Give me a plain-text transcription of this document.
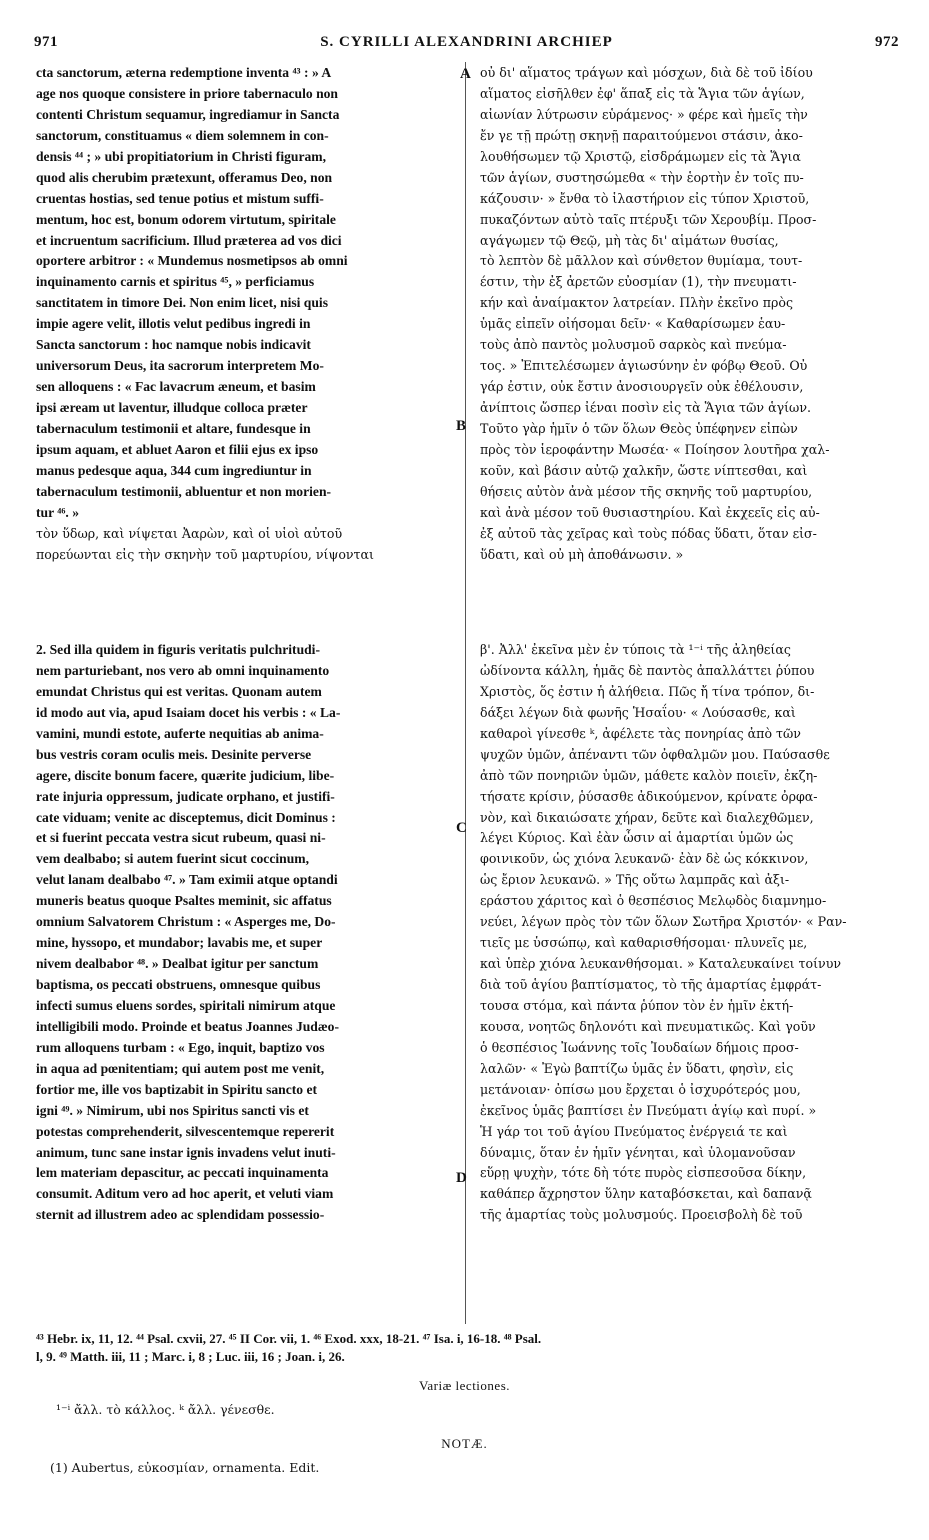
971	S. CYRILLI ALEXANDRINI ARCHIEP	972
A
B
C
D
cta sanctorum, æterna redemptione inventa ⁴³ : » A
age nos quoque consistere in priore tabernaculo non
contenti Christum sequamur, ingrediamur in Sancta
sanctorum, constituamus « diem solemnem in con-
densis ⁴⁴ ; » ubi propitiatorium in Christi figuram,
quod alis cherubim prætexunt, offeramus Deo, non
cruentas hostias, sed tenue potius et mistum suffi-
mentum, hoc est, bonum odorem virtutum, spiritale
et incruentum sacrificium. Illud præterea ad vos dici
oportere arbitror : « Mundemus nosmetipsos ab omni
inquinamento carnis et spiritus ⁴⁵, » perficiamus
sanctitatem in timore Dei. Non enim licet, nisi quis
impie agere velit, illotis velut pedibus ingredi in
Sancta sanctorum : hoc namque nobis indicavit
universorum Deus, ita sacrorum interpretem Mo-
sen alloquens : « Fac lavacrum æneum, et basim
ipsi æream ut laventur, illudque colloca præter
tabernaculum testimonii et altare, fundesque in
ipsum aquam, et abluet Aaron et filii ejus ex ipso
manus pedesque aqua, 344 cum ingrediuntur in
tabernaculum testimonii, abluentur et non morien-
tur ⁴⁶. »
οὐ δι' αἵματος τράγων καὶ μόσχων, διὰ δὲ τοῦ ἰδίου
αἵματος εἰσῆλθεν ἐφ' ἅπαξ εἰς τὰ Ἅγια τῶν ἁγίων,
αἰωνίαν λύτρωσιν εὑράμενος· » φέρε καὶ ἡμεῖς τὴν
ἔν γε τῇ πρώτῃ σκηνῇ παραιτούμενοι στάσιν, ἀκο-
λουθήσωμεν τῷ Χριστῷ, εἰσδράμωμεν εἰς τὰ Ἅγια
τῶν ἁγίων, συστησώμεθα « τὴν ἑορτὴν ἐν τοῖς πυ-
κάζουσιν· » ἔνθα τὸ ἱλαστήριον εἰς τύπον Χριστοῦ,
πυκαζόντων αὐτὸ ταῖς πτέρυξι τῶν Χερουβίμ. Προσ-
αγάγωμεν τῷ Θεῷ, μὴ τὰς δι' αἱμάτων θυσίας,
τὸ λεπτὸν δὲ μᾶλλον καὶ σύνθετον θυμίαμα, τουτ-
έστιν, τὴν ἐξ ἀρετῶν εὐοσμίαν (1), τὴν πνευματι-
κήν καὶ ἀναίμακτον λατρείαν. Πλὴν ἐκεῖνο πρὸς
ὑμᾶς εἰπεῖν οἰήσομαι δεῖν· « Καθαρίσωμεν ἑαυ-
τοὺς ἀπὸ παντὸς μολυσμοῦ σαρκὸς καὶ πνεύμα-
τος. » Ἐπιτελέσωμεν ἁγιωσύνην ἐν φόβῳ Θεοῦ. Οὐ
γάρ ἐστιν, οὐκ ἔστιν ἀνοσιουργεῖν οὐκ ἐθέλουσιν,
ἀνίπτοις ὥσπερ ἰέναι ποσὶν εἰς τὰ Ἅγια τῶν ἁγίων.
Τοῦτο γὰρ ἡμῖν ὁ τῶν ὅλων Θεὸς ὑπέφηνεν εἰπὼν
πρὸς τὸν ἱεροφάντην Μωσέα· « Ποίησον λουτῆρα χαλ-
κοῦν, καὶ βάσιν αὐτῷ χαλκῆν, ὥστε νίπτεσθαι, καὶ
θήσεις αὐτὸν ἀνὰ μέσον τῆς σκηνῆς τοῦ μαρτυρίου,
καὶ ἀνὰ μέσον τοῦ θυσιαστηρίου. Καὶ ἐκχεεῖς εἰς αὐ-
τὸν ὕδωρ, καὶ νίψεται Ἀαρὼν, καὶ οἱ υἱοὶ αὐτοῦ	ἐξ αὐτοῦ τὰς χεῖρας καὶ τοὺς πόδας ὕδατι, ὅταν εἰσ-
πορεύωνται εἰς τὴν σκηνὴν τοῦ μαρτυρίου, νίψονται	ὕδατι, καὶ οὐ μὴ ἀποθάνωσιν. »
2. Sed illa quidem in figuris veritatis pulchritudi-
nem parturiebant, nos vero ab omni inquinamento
emundat Christus qui est veritas. Quonam autem
id modo aut via, apud Isaiam docet his verbis : « La-
vamini, mundi estote, auferte nequitias ab anima-
bus vestris coram oculis meis. Desinite perverse
agere, discite bonum facere, quærite judicium, libe-
rate injuria oppressum, judicate orphano, et justifi-
cate viduam; venite ac disceptemus, dicit Dominus :
et si fuerint peccata vestra sicut rubeum, quasi ni-
vem dealbabo; si autem fuerint sicut coccinum,
velut lanam dealbabo ⁴⁷. » Tam eximii atque optandi
muneris beatus quoque Psaltes meminit, sic affatus
omnium Salvatorem Christum : « Asperges me, Do-
mine, hyssopo, et mundabor; lavabis me, et super
nivem dealbabor ⁴⁸. » Dealbat igitur per sanctum
baptisma, os peccati obstruens, omnesque quibus
infecti sumus eluens sordes, spiritali nimirum atque
intelligibili modo. Proinde et beatus Joannes Judæo-
rum alloquens turbam : « Ego, inquit, baptizo vos
in aqua ad pœnitentiam; qui autem post me venit,
fortior me, ille vos baptizabit in Spiritu sancto et
igni ⁴⁹. » Nimirum, ubi nos Spiritus sancti vis et
potestas comprehenderit, silvescentemque repererit
animum, tunc sane instar ignis invadens velut inuti-
lem materiam depascitur, ac peccati inquinamenta
consumit. Aditum vero ad hoc aperit, et veluti viam
sternit ad illustrem adeo ac splendidam possessio-
β'. Ἀλλ' ἐκεῖνα μὲν ἐν τύποις τὰ ¹⁻ⁱ τῆς ἀληθείας
ὠδίνοντα κάλλη, ἡμᾶς δὲ παντὸς ἀπαλλάττει ῥύπου
Χριστὸς, ὅς ἐστιν ἡ ἀλήθεια. Πῶς ἤ τίνα τρόπον, δι-
δάξει λέγων διὰ φωνῆς Ἡσαΐου· « Λούσασθε, καὶ
καθαροὶ γίνεσθε ᵏ, ἀφέλετε τὰς πονηρίας ἀπὸ τῶν
ψυχῶν ὑμῶν, ἀπέναντι τῶν ὀφθαλμῶν μου. Παύσασθε
ἀπὸ τῶν πονηριῶν ὑμῶν, μάθετε καλὸν ποιεῖν, ἐκζη-
τήσατε κρίσιν, ῥύσασθε ἀδικούμενον, κρίνατε ὀρφα-
νὸν, καὶ δικαιώσατε χήραν, δεῦτε καὶ διαλεχθῶμεν,
λέγει Κύριος. Καὶ ἐὰν ὦσιν αἱ ἁμαρτίαι ὑμῶν ὡς
φοινικοῦν, ὡς χιόνα λευκανῶ· ἐὰν δὲ ὡς κόκκινον,
ὡς ἔριον λευκανῶ. » Τῆς οὕτω λαμπρᾶς καὶ ἀξι-
εράστου χάριτος καὶ ὁ θεσπέσιος Μελῳδὸς διαμνημο-
νεύει, λέγων πρὸς τὸν τῶν ὅλων Σωτῆρα Χριστόν· « Ραν-
τιεῖς με ὑσσώπῳ, καὶ καθαρισθήσομαι· πλυνεῖς με,
καὶ ὑπὲρ χιόνα λευκανθήσομαι. » Καταλευκαίνει τοίνυν
διὰ τοῦ ἁγίου βαπτίσματος, τὸ τῆς ἁμαρτίας ἐμφράτ-
τουσα στόμα, καὶ πάντα ῥύπον τὸν ἐν ἡμῖν ἐκτή-
κουσα, νοητῶς δηλονότι καὶ πνευματικῶς. Καὶ γοῦν
ὁ θεσπέσιος Ἰωάννης τοῖς Ἰουδαίων δήμοις προσ-
λαλῶν· « Ἐγὼ βαπτίζω ὑμᾶς ἐν ὕδατι, φησὶν, εἰς
μετάνοιαν· ὀπίσω μου ἔρχεται ὁ ἰσχυρότερός μου,
ἐκεῖνος ὑμᾶς βαπτίσει ἐν Πνεύματι ἁγίῳ καὶ πυρί. »
Ἡ γάρ τοι τοῦ ἁγίου Πνεύματος ἐνέργειά τε καὶ
δύναμις, ὅταν ἐν ἡμῖν γένηται, καὶ ὑλομανοῦσαν
εὕρῃ ψυχὴν, τότε δὴ τότε πυρὸς εἰσπεσοῦσα δίκην,
καθάπερ ἄχρηστον ὕλην καταβόσκεται, καὶ δαπανᾷ
τῆς ἁμαρτίας τοὺς μολυσμούς. Προεισβολὴ δὲ τοῦ
⁴³ Hebr. ix, 11, 12. ⁴⁴ Psal. cxvii, 27. ⁴⁵ II Cor. vii, 1. ⁴⁶ Exod. xxx, 18-21. ⁴⁷ Isa. i, 16-18. ⁴⁸ Psal.
l, 9. ⁴⁹ Matth. iii, 11 ; Marc. i, 8 ; Luc. iii, 16 ; Joan. i, 26.
Variæ lectiones.
¹⁻ⁱ ἄλλ. τὸ κάλλος. ᵏ ἄλλ. γένεσθε.
NOTÆ.
(1) Aubertus, εὐκοσμίαν, ornamenta. Edit.
